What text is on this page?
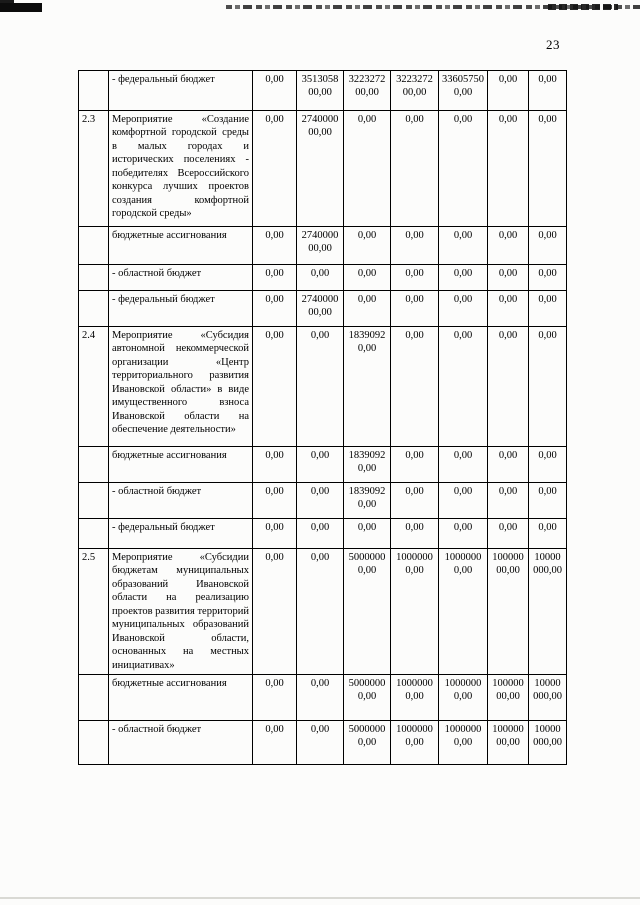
23
	- федеральный бюджет	0,00	351305800,00	322327200,00	322327200,00	336057500,00	0,00	0,00
2.3	Мероприятие «Создание комфортной городской среды в малых городах и исторических поселениях - победителях Всероссийского конкурса лучших проектов создания комфортной городской среды»	0,00	274000000,00	0,00	0,00	0,00	0,00	0,00
	бюджетные ассигнования	0,00	274000000,00	0,00	0,00	0,00	0,00	0,00
	- областной бюджет	0,00	0,00	0,00	0,00	0,00	0,00	0,00
	- федеральный бюджет	0,00	274000000,00	0,00	0,00	0,00	0,00	0,00
2.4	Мероприятие «Субсидия автономной некоммерческой организации «Центр территориального развития Ивановской области» в виде имущественного взноса Ивановской области на обеспечение деятельности»	0,00	0,00	18390920,00	0,00	0,00	0,00	0,00
	бюджетные ассигнования	0,00	0,00	18390920,00	0,00	0,00	0,00	0,00
	- областной бюджет	0,00	0,00	18390920,00	0,00	0,00	0,00	0,00
	- федеральный бюджет	0,00	0,00	0,00	0,00	0,00	0,00	0,00
2.5	Мероприятие «Субсидии бюджетам муниципальных образований Ивановской области на реализацию проектов развития территорий муниципальных образований Ивановской области, основанных на местных инициативах»	0,00	0,00	50000000,00	10000000,00	10000000,00	10000000,00	10000000,00
	бюджетные ассигнования	0,00	0,00	50000000,00	10000000,00	10000000,00	10000000,00	10000000,00
	- областной бюджет	0,00	0,00	50000000,00	10000000,00	10000000,00	10000000,00	10000000,00
